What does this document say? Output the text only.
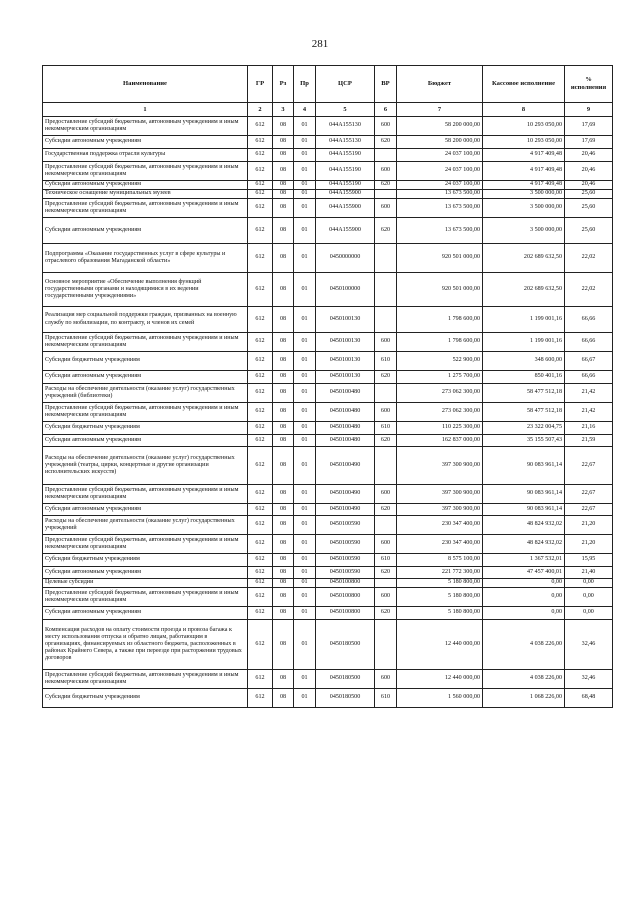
281
Наименование	ГР	Рз	Пр	ЦСР	ВР	Бюджет	Кассовое исполнение	% исполнения
1	2	3	4	5	6	7	8	9
Предоставление субсидий бюджетным, автономным учреждениям и иным некоммерческим организациям	612	08	01	044A155130	600	58 200 000,00	10 293 050,00	17,69
Субсидии автономным учреждениям	612	08	01	044A155130	620	58 200 000,00	10 293 050,00	17,69
Государственная поддержка отрасли культуры	612	08	01	044A155190		24 037 100,00	4 917 409,48	20,46
Предоставление субсидий бюджетным, автономным учреждениям и иным некоммерческим организациям	612	08	01	044A155190	600	24 037 100,00	4 917 409,48	20,46
Субсидии автономным учреждениям	612	08	01	044A155190	620	24 037 100,00	4 917 409,48	20,46
Техническое оснащение муниципальных музеев	612	08	01	044A155900		13 673 500,00	3 500 000,00	25,60
Предоставление субсидий бюджетным, автономным учреждениям и иным некоммерческим организациям	612	08	01	044A155900	600	13 673 500,00	3 500 000,00	25,60
Субсидии автономным учреждениям	612	08	01	044A155900	620	13 673 500,00	3 500 000,00	25,60
Подпрограмма «Оказание государственных услуг в сфере культуры и отраслевого образования Магаданской области»	612	08	01	0450000000		920 501 000,00	202 689 632,50	22,02
Основное мероприятие «Обеспечение выполнения функций государственными органами и находящимися в их ведении государственными учреждениями»	612	08	01	0450100000		920 501 000,00	202 689 632,50	22,02
Реализация мер социальной поддержки граждан, призванных на военную службу по мобилизации, по контракту, и членов их семей	612	08	01	0450100130		1 798 600,00	1 199 001,16	66,66
Предоставление субсидий бюджетным, автономным учреждениям и иным некоммерческим организациям	612	08	01	0450100130	600	1 798 600,00	1 199 001,16	66,66
Субсидии бюджетным учреждениям	612	08	01	0450100130	610	522 900,00	348 600,00	66,67
Субсидии автономным учреждениям	612	08	01	0450100130	620	1 275 700,00	850 401,16	66,66
Расходы на обеспечение деятельности (оказание услуг) государственных учреждений (библиотеки)	612	08	01	0450100480		273 062 300,00	58 477 512,18	21,42
Предоставление субсидий бюджетным, автономным учреждениям и иным некоммерческим организациям	612	08	01	0450100480	600	273 062 300,00	58 477 512,18	21,42
Субсидии бюджетным учреждениям	612	08	01	0450100480	610	110 225 300,00	23 322 004,75	21,16
Субсидии автономным учреждениям	612	08	01	0450100480	620	162 837 000,00	35 155 507,43	21,59
Расходы на обеспечение деятельности (оказание услуг) государственных учреждений (театры, цирки, концертные и другие организации исполнительских искусств)	612	08	01	0450100490		397 300 900,00	90 083 961,14	22,67
Предоставление субсидий бюджетным, автономным учреждениям и иным некоммерческим организациям	612	08	01	0450100490	600	397 300 900,00	90 083 961,14	22,67
Субсидии автономным учреждениям	612	08	01	0450100490	620	397 300 900,00	90 083 961,14	22,67
Расходы на обеспечение деятельности (оказание услуг) государственных учреждений	612	08	01	0450100590		230 347 400,00	48 824 932,02	21,20
Предоставление субсидий бюджетным, автономным учреждениям и иным некоммерческим организациям	612	08	01	0450100590	600	230 347 400,00	48 824 932,02	21,20
Субсидии бюджетным учреждениям	612	08	01	0450100590	610	8 575 100,00	1 367 532,01	15,95
Субсидии автономным учреждениям	612	08	01	0450100590	620	221 772 300,00	47 457 400,01	21,40
Целевые субсидии	612	08	01	0450100800		5 180 800,00	0,00	0,00
Предоставление субсидий бюджетным, автономным учреждениям и иным некоммерческим организациям	612	08	01	0450100800	600	5 180 800,00	0,00	0,00
Субсидии автономным учреждениям	612	08	01	0450100800	620	5 180 800,00	0,00	0,00
Компенсация расходов на оплату стоимости проезда и провоза багажа к месту использования отпуска и обратно лицам, работающим в организациях, финансируемых из областного бюджета, расположенных в районах Крайнего Севера, а также при переезде при расторжении трудовых договоров	612	08	01	0450180500		12 440 000,00	4 038 226,00	32,46
Предоставление субсидий бюджетным, автономным учреждениям и иным некоммерческим организациям	612	08	01	0450180500	600	12 440 000,00	4 038 226,00	32,46
Субсидии бюджетным учреждениям	612	08	01	0450180500	610	1 560 000,00	1 068 226,00	68,48
